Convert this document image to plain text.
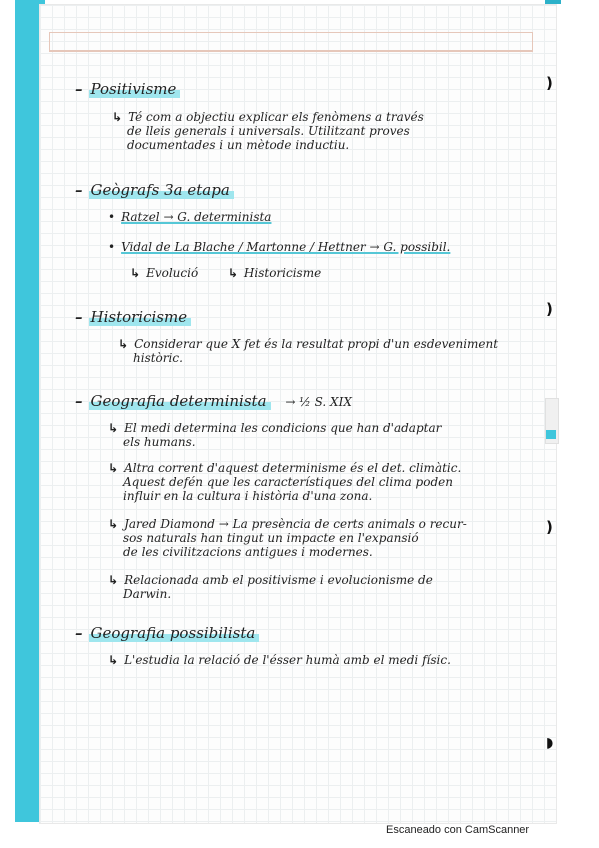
)
)
)
◗
– Positivisme
↳ Té com a objectiu explicar els fenòmens a través
de lleis generals i universals. Utilitzant proves
documentades i un mètode inductiu.
– Geògrafs 3a etapa
• Ratzel → G. determinista
• Vidal de La Blache / Martonne / Hettner → G. possibil.
↳ Evolució ↳ Historicisme
– Historicisme
↳ Considerar que X fet és la resultat propi d'un esdeveniment
històric.
– Geografia determinista → ½ S. XIX
↳ El medi determina les condicions que han d'adaptar
els humans.
↳ Altra corrent d'aquest determinisme és el det. climàtic.
Aquest defén que les característiques del clima poden
influir en la cultura i història d'una zona.
↳ Jared Diamond → La presència de certs animals o recur-
sos naturals han tingut un impacte en l'expansió
de les civilitzacions antigues i modernes.
↳ Relacionada amb el positivisme i evolucionisme de
Darwin.
– Geografia possibilista
↳ L'estudia la relació de l'ésser humà amb el medi físic.
Escaneado con CamScanner
